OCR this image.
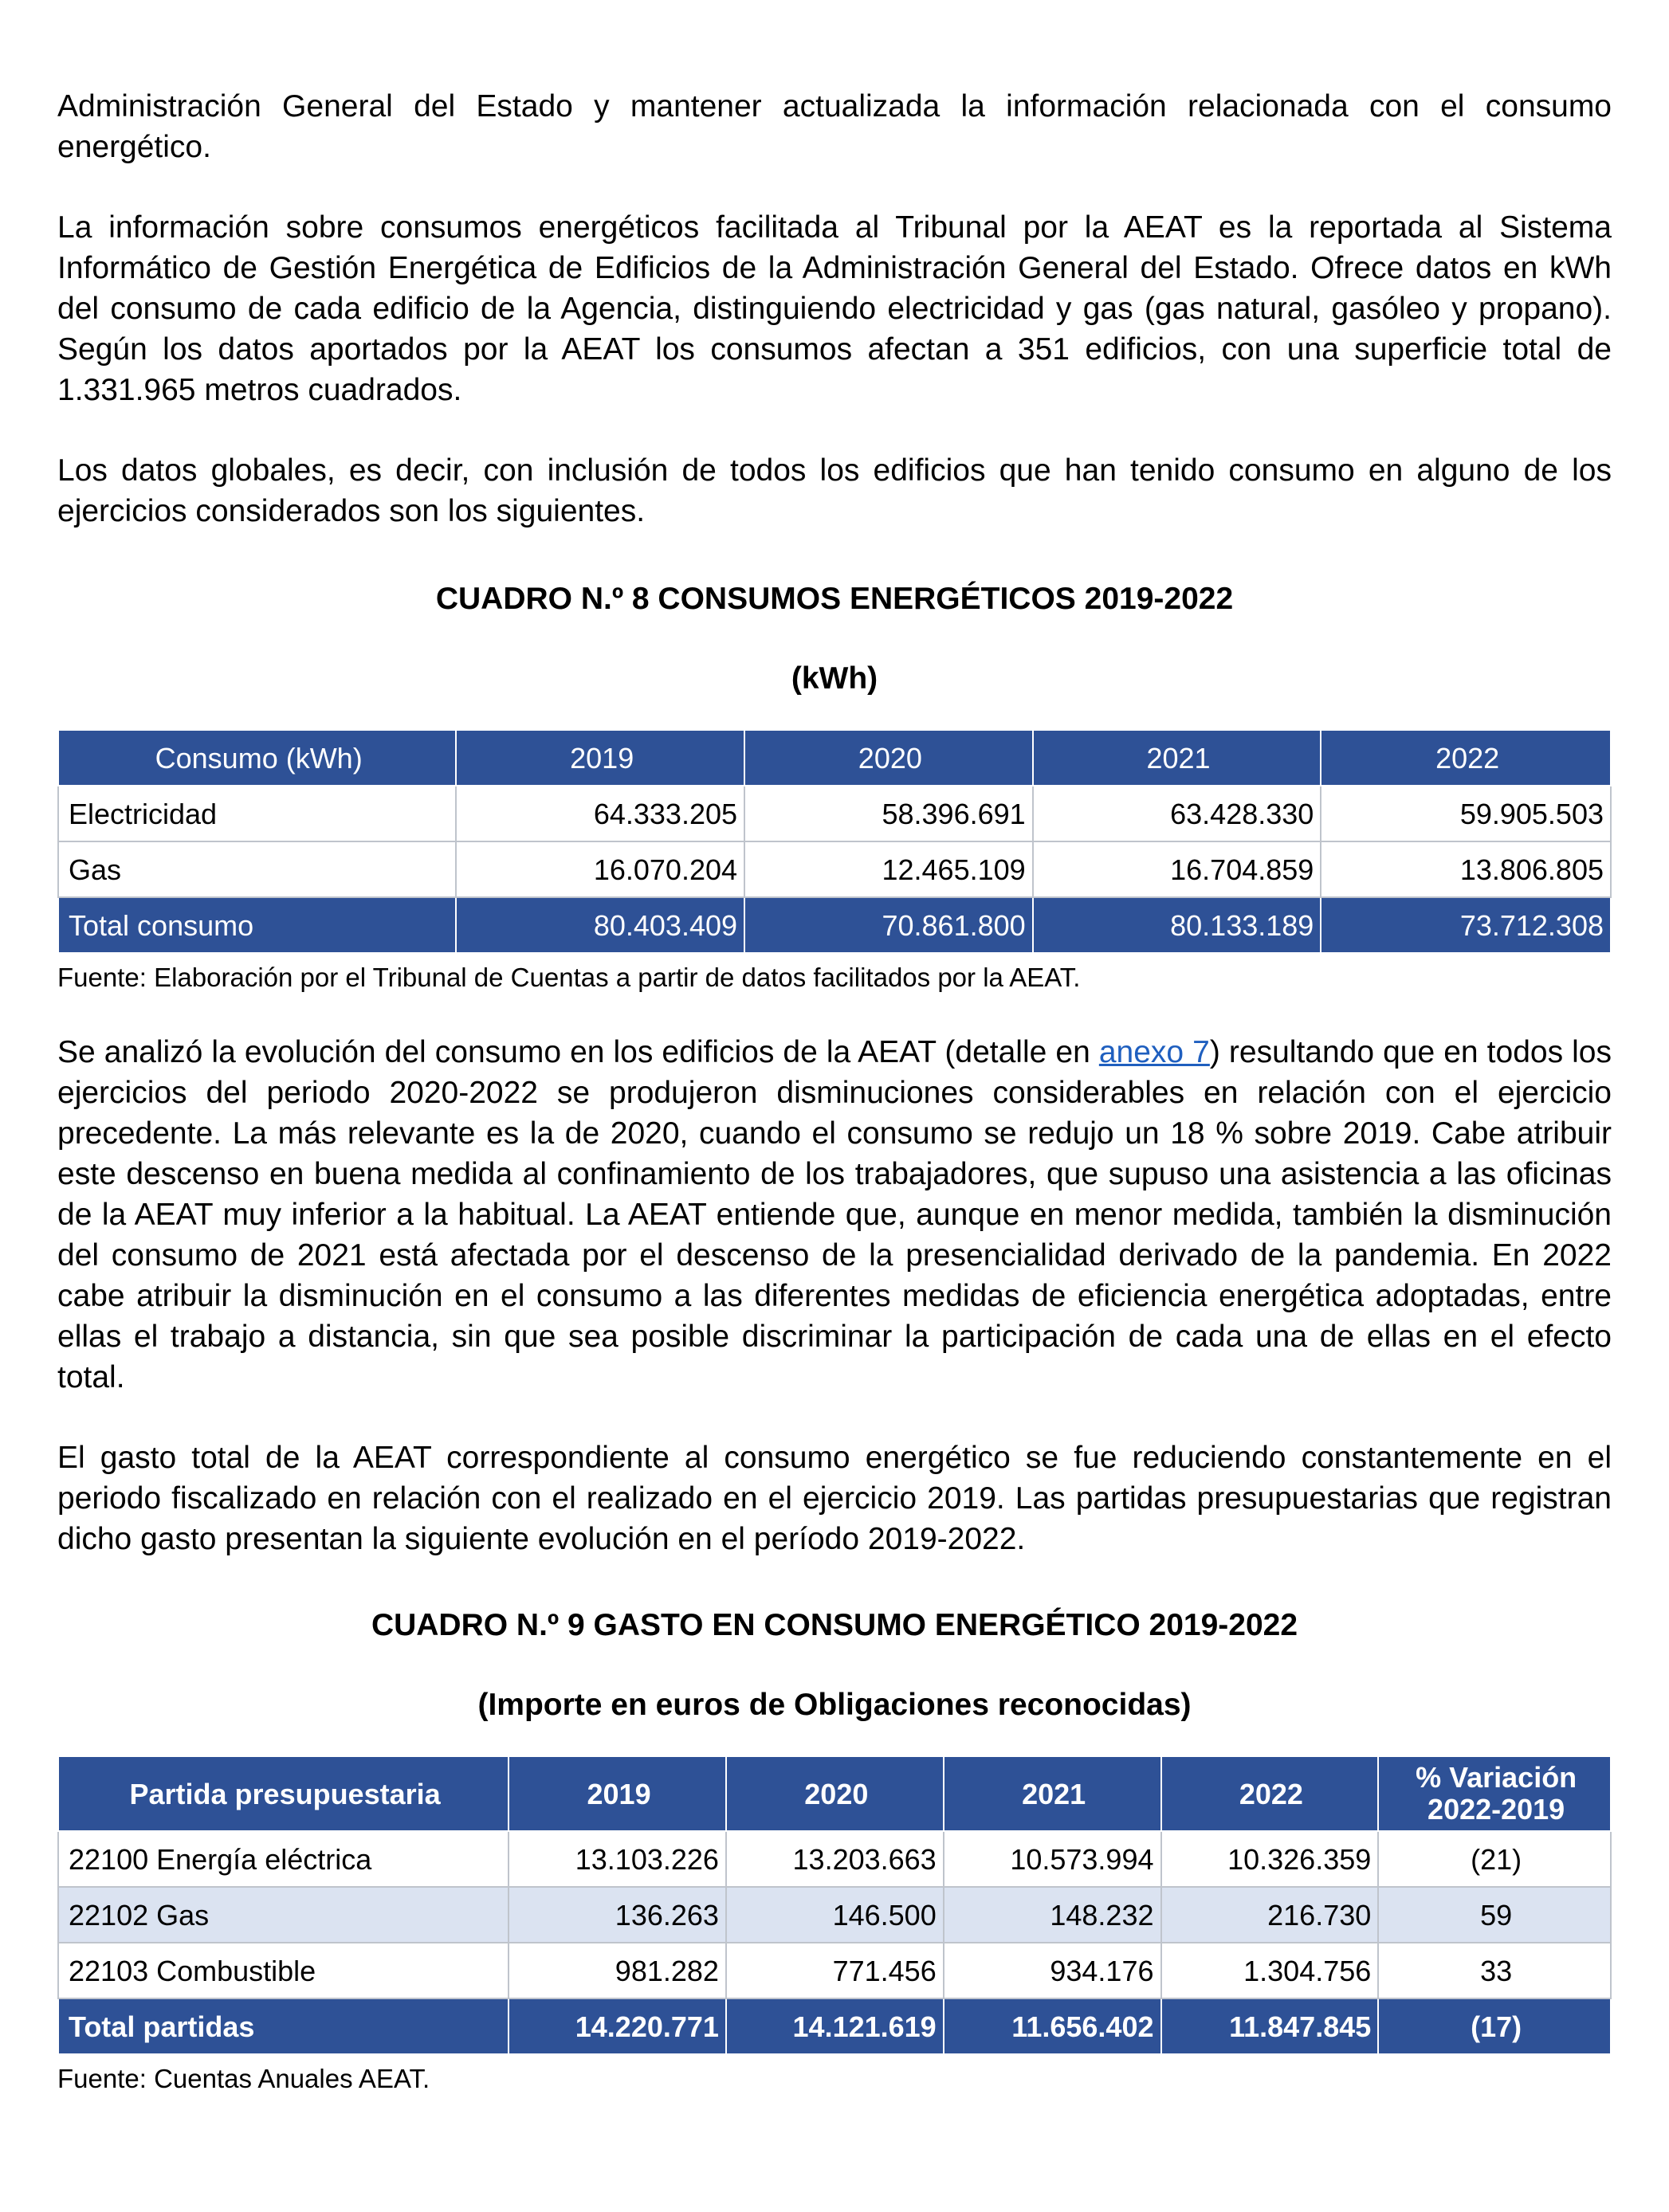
Administración General del Estado y mantener actualizada la información relacionada con el consumo energético.

La información sobre consumos energéticos facilitada al Tribunal por la AEAT es la reportada al Sistema Informático de Gestión Energética de Edificios de la Administración General del Estado. Ofrece datos en kWh del consumo de cada edificio de la Agencia, distinguiendo electricidad y gas (gas natural, gasóleo y propano). Según los datos aportados por la AEAT los consumos afectan a 351 edificios, con una superficie total de 1.331.965 metros cuadrados.

Los datos globales, es decir, con inclusión de todos los edificios que han tenido consumo en alguno de los ejercicios considerados son los siguientes.

CUADRO N.º 8 CONSUMOS ENERGÉTICOS 2019-2022

(kWh)

Consumo (kWh)	2019	2020	2021	2022
Electricidad	64.333.205	58.396.691	63.428.330	59.905.503
Gas	16.070.204	12.465.109	16.704.859	13.806.805
Total consumo	80.403.409	70.861.800	80.133.189	73.712.308

Fuente: Elaboración por el Tribunal de Cuentas a partir de datos facilitados por la AEAT.

Se analizó la evolución del consumo en los edificios de la AEAT (detalle en anexo 7) resultando que en todos los ejercicios del periodo 2020-2022 se produjeron disminuciones considerables en relación con el ejercicio precedente. La más relevante es la de 2020, cuando el consumo se redujo un 18 % sobre 2019. Cabe atribuir este descenso en buena medida al confinamiento de los trabajadores, que supuso una asistencia a las oficinas de la AEAT muy inferior a la habitual. La AEAT entiende que, aunque en menor medida, también la disminución del consumo de 2021 está afectada por el descenso de la presencialidad derivado de la pandemia. En 2022 cabe atribuir la disminución en el consumo a las diferentes medidas de eficiencia energética adoptadas, entre ellas el trabajo a distancia, sin que sea posible discriminar la participación de cada una de ellas en el efecto total.

El gasto total de la AEAT correspondiente al consumo energético se fue reduciendo constantemente en el periodo fiscalizado en relación con el realizado en el ejercicio 2019. Las partidas presupuestarias que registran dicho gasto presentan la siguiente evolución en el período 2019-2022.

CUADRO N.º 9 GASTO EN CONSUMO ENERGÉTICO 2019-2022

(Importe en euros de Obligaciones reconocidas)

Partida presupuestaria	2019	2020	2021	2022	% Variación
2022-2019

22100 Energía eléctrica	13.103.226	13.203.663	10.573.994	10.326.359	(21)
22102 Gas	136.263	146.500	148.232	216.730	59
22103 Combustible	981.282	771.456	934.176	1.304.756	33
Total partidas	14.220.771	14.121.619	11.656.402	11.847.845	(17)

Fuente: Cuentas Anuales AEAT.
